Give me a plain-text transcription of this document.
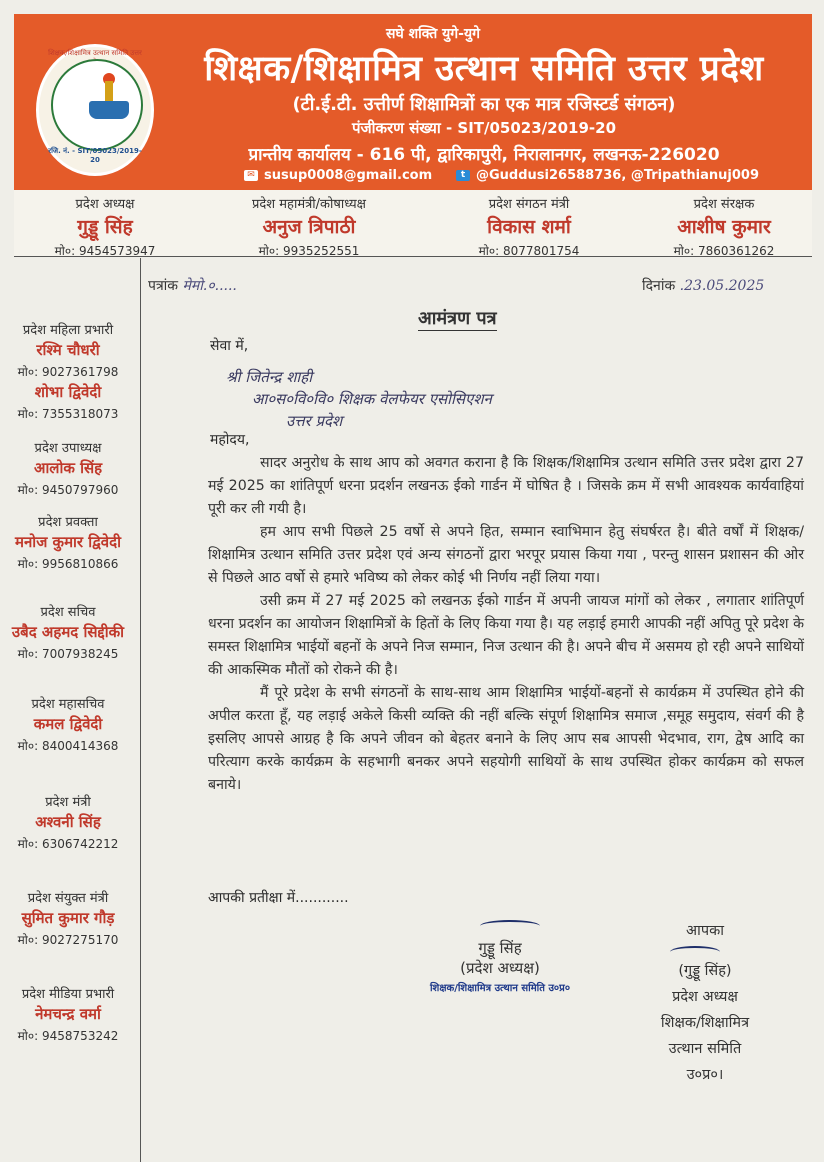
शिक्षक/शिक्षामित्र उत्थान समिति उत्तर
रजि. नं. - SIT/05023/2019-20
सघे शक्ति युगे-युगे
शिक्षक/शिक्षामित्र उत्थान समिति उत्तर प्रदेश
(टी.ई.टी. उत्तीर्ण शिक्षामित्रों का एक मात्र रजिस्टर्ड संगठन)
पंजीकरण संख्या - SIT/05023/2019-20
प्रान्तीय कार्यालय - 616 पी, द्वारिकापुरी, निरालानगर, लखनऊ-226020
✉ susup0008@gmail.com	t @Guddusi26588736, @Tripathianuj009
प्रदेश अध्यक्ष
गुड्डू सिंह
मो०: 9454573947
प्रदेश महामंत्री/कोषाध्यक्ष
अनुज त्रिपाठी
मो०: 9935252551
प्रदेश संगठन मंत्री
विकास शर्मा
मो०: 8077801754
प्रदेश संरक्षक
आशीष कुमार
मो०: 7860361262
प्रदेश महिला प्रभारी
रश्मि चौधरी
मो०: 9027361798
शोभा द्विवेदी
मो०: 7355318073
प्रदेश उपाध्यक्ष
आलोक सिंह
मो०: 9450797960
प्रदेश प्रवक्ता
मनोज कुमार द्विवेदी
मो०: 9956810866
प्रदेश सचिव
उबैद अहमद सिद्दीकी
मो०: 7007938245
प्रदेश महासचिव
कमल द्विवेदी
मो०: 8400414368
प्रदेश मंत्री
अश्वनी सिंह
मो०: 6306742212
प्रदेश संयुक्त मंत्री
सुमित कुमार गौड़
मो०: 9027275170
प्रदेश मीडिया प्रभारी
नेमचन्द्र वर्मा
मो०: 9458753242
पत्रांक मेमो.०.....	दिनांक .23.05.2025
आमंत्रण पत्र
सेवा में,
श्री जितेन्द्र शाही
आ०स०वि०वि० शिक्षक वेलफेयर एसोसिएशन
उत्तर प्रदेश
महोदय,

सादर अनुरोध के साथ आप को अवगत कराना है कि शिक्षक/शिक्षामित्र उत्थान समिति उत्तर प्रदेश द्वारा 27 मई 2025 का शांतिपूर्ण धरना प्रदर्शन लखनऊ ईको गार्डन में घोषित है । जिसके क्रम में सभी आवश्यक कार्यवाहियां पूरी कर ली गयी है।

हम आप सभी पिछले 25 वर्षो से अपने हित, सम्मान स्वाभिमान हेतु संघर्षरत है। बीते वर्षों में शिक्षक/शिक्षामित्र उत्थान समिति उत्तर प्रदेश एवं अन्य संगठनों द्वारा भरपूर प्रयास किया गया , परन्तु शासन प्रशासन की ओर से पिछले आठ वर्षो से हमारे भविष्य को लेकर कोई भी निर्णय नहीं लिया गया।

उसी क्रम में 27 मई 2025 को लखनऊ ईको गार्डन में अपनी जायज मांगों को लेकर , लगातार शांतिपूर्ण धरना प्रदर्शन का आयोजन शिक्षामित्रों के हितों के लिए किया गया है। यह लड़ाई हमारी आपकी नहीं अपितु पूरे प्रदेश के समस्त शिक्षामित्र भाईयों बहनों के अपने निज सम्मान, निज उत्थान की है। अपने बीच में असमय हो रही अपने साथियों की आकस्मिक मौतों को रोकने की है।

मैं पूरे प्रदेश के सभी संगठनों के साथ-साथ आम शिक्षामित्र भाईयों-बहनों से कार्यक्रम में उपस्थित होने की अपील करता हूँ, यह लड़ाई अकेले किसी व्यक्ति की नहीं बल्कि संपूर्ण शिक्षामित्र समाज ,समूह समुदाय, संवर्ग की है इसलिए आपसे आग्रह है कि अपने जीवन को बेहतर बनाने के लिए आप सब आपसी भेदभाव, राग, द्वेष आदि का परित्याग करके कार्यक्रम के सहभागी बनकर अपने सहयोगी साथियों के साथ उपस्थित होकर कार्यक्रम को सफल बनाये।

आपकी प्रतीक्षा में............
गुड्डू सिंह
(प्रदेश अध्यक्ष)
शिक्षक/शिक्षामित्र उत्थान समिति उ०प्र०
आपका
(गुड्डू सिंह)
प्रदेश अध्यक्ष
शिक्षक/शिक्षामित्र
उत्थान समिति
उ०प्र०।
